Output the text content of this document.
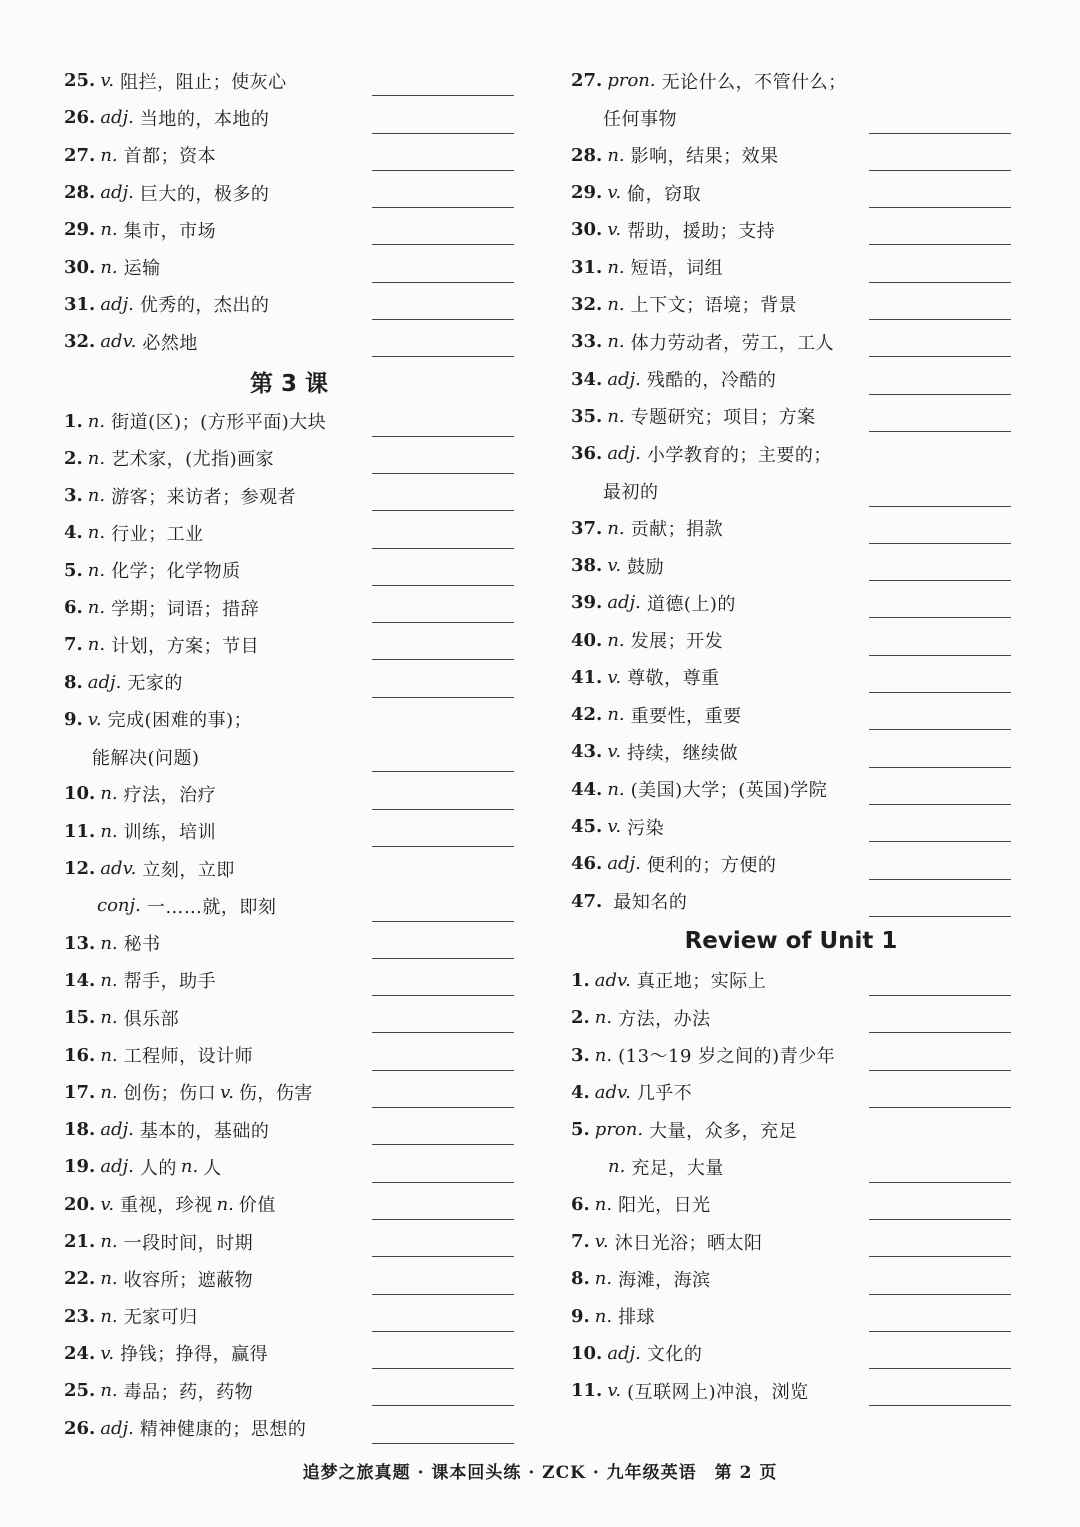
25. v. 阻拦，阻止；使灰心
26. adj. 当地的，本地的
27. n. 首都；资本
28. adj. 巨大的，极多的
29. n. 集市，市场
30. n. 运输
31. adj. 优秀的，杰出的
32. adv. 必然地
第 3 课
1. n. 街道(区)；(方形平面)大块
2. n. 艺术家，(尤指)画家
3. n. 游客；来访者；参观者
4. n. 行业；工业
5. n. 化学；化学物质
6. n. 学期；词语；措辞
7. n. 计划，方案；节目
8. adj. 无家的
9. v. 完成(困难的事)；
能解决(问题)
10. n. 疗法，治疗
11. n. 训练，培训
12. adv. 立刻，立即
conj. 一……就，即刻
13. n. 秘书
14. n. 帮手，助手
15. n. 俱乐部
16. n. 工程师，设计师
17. n. 创伤；伤口 v. 伤，伤害
18. adj. 基本的，基础的
19. adj. 人的 n. 人
20. v. 重视，珍视 n. 价值
21. n. 一段时间，时期
22. n. 收容所；遮蔽物
23. n. 无家可归
24. v. 挣钱；挣得，赢得
25. n. 毒品；药，药物
26. adj. 精神健康的；思想的
27. pron. 无论什么，不管什么；
任何事物
28. n. 影响，结果；效果
29. v. 偷，窃取
30. v. 帮助，援助；支持
31. n. 短语，词组
32. n. 上下文；语境；背景
33. n. 体力劳动者，劳工，工人
34. adj. 残酷的，冷酷的
35. n. 专题研究；项目；方案
36. adj. 小学教育的；主要的；
最初的
37. n. 贡献；捐款
38. v. 鼓励
39. adj. 道德(上)的
40. n. 发展；开发
41. v. 尊敬，尊重
42. n. 重要性，重要
43. v. 持续，继续做
44. n. (美国)大学；(英国)学院
45. v. 污染
46. adj. 便利的；方便的
47. 最知名的
Review of Unit 1
1. adv. 真正地；实际上
2. n. 方法，办法
3. n. (13～19 岁之间的)青少年
4. adv. 几乎不
5. pron. 大量，众多，充足
n. 充足，大量
6. n. 阳光，日光
7. v. 沐日光浴；晒太阳
8. n. 海滩，海滨
9. n. 排球
10. adj. 文化的
11. v. (互联网上)冲浪，浏览
追梦之旅真题 · 课本回头练 · ZCK · 九年级英语　第 2 页
